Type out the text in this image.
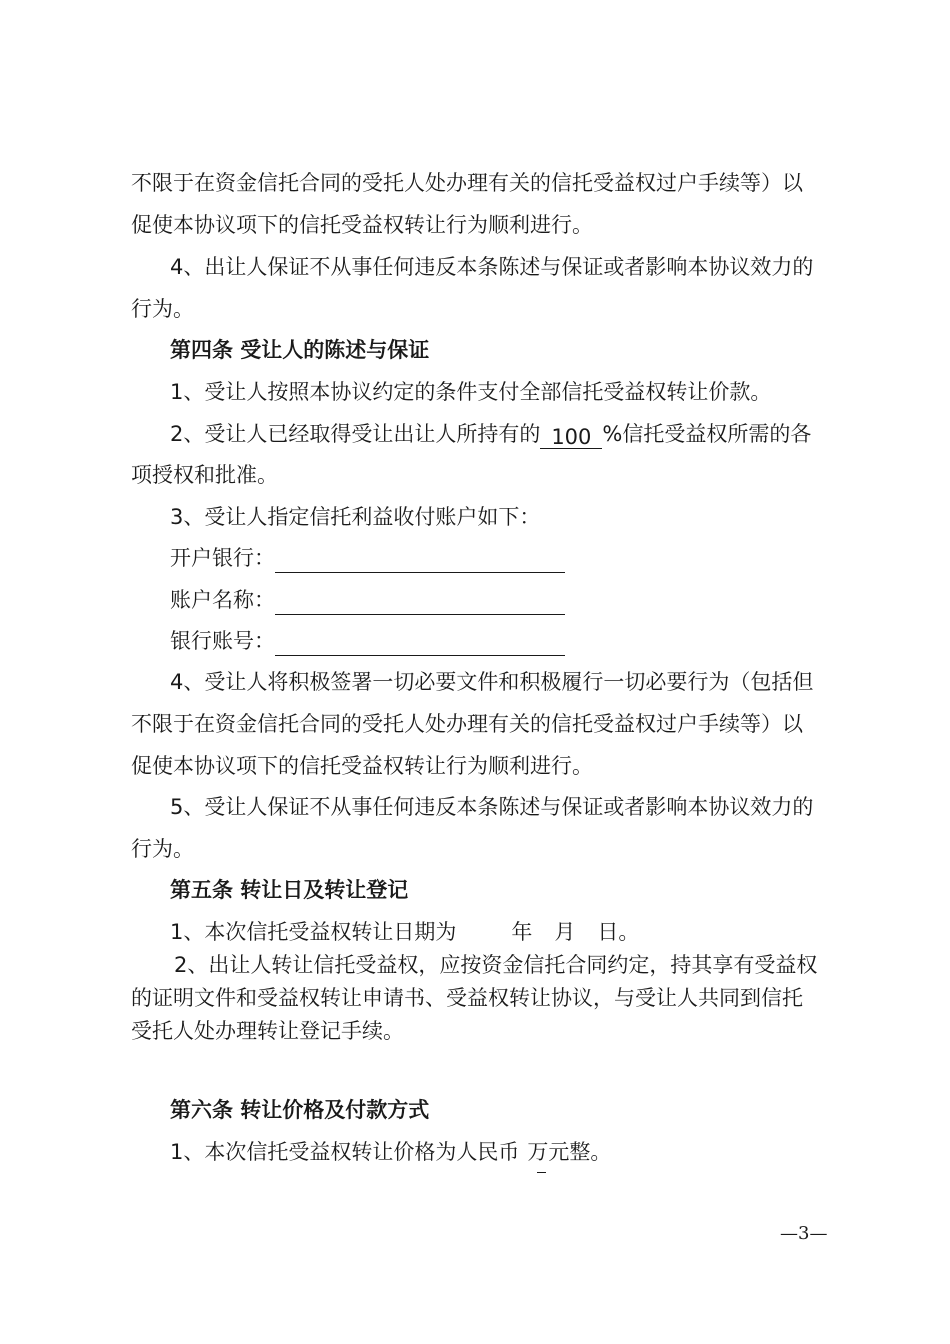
不限于在资金信托合同的受托人处办理有关的信托受益权过户手续等）以
促使本协议项下的信托受益权转让行为顺利进行。
4、出让人保证不从事任何违反本条陈述与保证或者影响本协议效力的
行为。
第四条 受让人的陈述与保证
1、受让人按照本协议约定的条件支付全部信托受益权转让价款。
2、受让人已经取得受让出让人所持有的100%信托受益权所需的各
项授权和批准。
3、受让人指定信托利益收付账户如下：
开户银行：
账户名称：
银行账号：
4、受让人将积极签署一切必要文件和积极履行一切必要行为（包括但
不限于在资金信托合同的受托人处办理有关的信托受益权过户手续等）以
促使本协议项下的信托受益权转让行为顺利进行。
5、受让人保证不从事任何违反本条陈述与保证或者影响本协议效力的
行为。
第五条 转让日及转让登记
1、本次信托受益权转让日期为	年 月 日。
2、出让人转让信托受益权，应按资金信托合同约定，持其享有受益权
的证明文件和受益权转让申请书、受益权转让协议，与受让人共同到信托
受托人处办理转让登记手续。
第六条 转让价格及付款方式
1、本次信托受益权转让价格为人民币 万元整。
—3—
